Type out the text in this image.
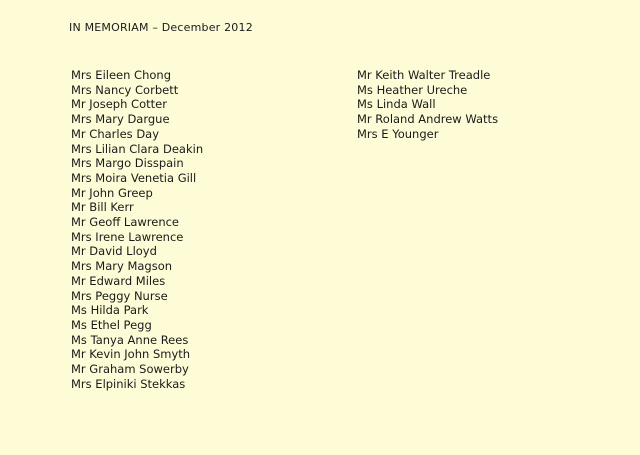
IN MEMORIAM – December 2012
Mrs Eileen Chong
Mrs Nancy Corbett
Mr Joseph Cotter
Mrs Mary Dargue
Mr Charles Day
Mrs Lilian Clara Deakin
Mrs Margo Disspain
Mrs Moira Venetia Gill
Mr John Greep
Mr Bill Kerr
Mr Geoff Lawrence
Mrs Irene Lawrence
Mr David Lloyd
Mrs Mary Magson
Mr Edward Miles
Mrs Peggy Nurse
Ms Hilda Park
Ms Ethel Pegg
Ms Tanya Anne Rees
Mr Kevin John Smyth
Mr Graham Sowerby
Mrs Elpiniki Stekkas
Mr Keith Walter Treadle
Ms Heather Ureche
Ms Linda Wall
Mr Roland Andrew Watts
Mrs E Younger
